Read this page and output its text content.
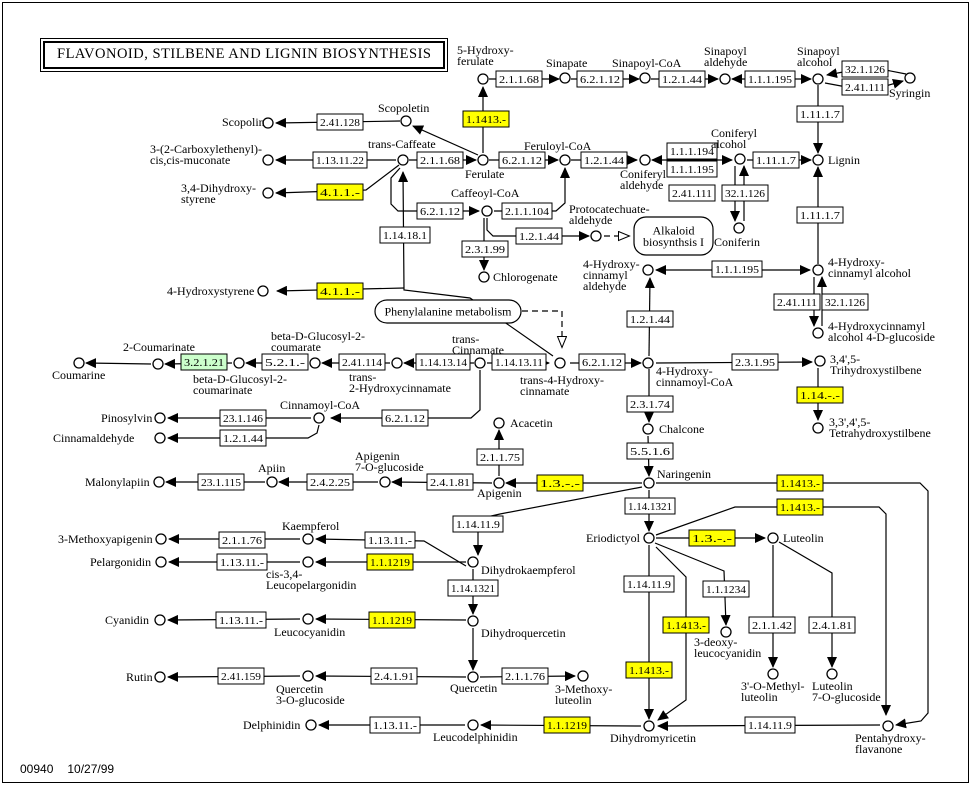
Alkaloid
biosynthsis I
Phenylalanine metabolism
2.1.1.68	6.2.1.12	1.2.1.44	1.1.1.195
32.1.126
2.41.111
1.11.1.7
2.41.128	1.1413.-
1.13.11.22	2.1.1.68	6.2.1.12	1.2.1.44
1.1.1.194
1.1.1.195
1.11.1.7
4.1.1.-	2.41.111 32.1.126
6.2.1.12	2.1.1.104	1.11.1.7
1.14.18.1	1.2.1.44
2.3.1.99
1.1.1.195
4.1.1.-
2.41.111 32.1.126
1.2.1.44
3.2.1.21	5.2.1.-	2.41.114	1.14.13.14	1.14.13.11	6.2.1.12	2.3.1.95
1.14.-.-
23.1.146	6.2.1.12
1.2.1.44
2.3.1.74
5.5.1.6
2.1.1.75
23.1.115	2.4.2.25	2.4.1.81	1.3.-.-	1.1413.-
1.14.1321	1.1413.-
2.1.1.76	1.13.11.-
1.14.11.9
1.13.11.-	1.1.1219
1.3.-.-
1.14.1321	1.14.11.9	1.1.1234
1.1413.-	2.1.1.42 2.4.1.81
1.13.11.-	1.1.1219
1.1413.-
2.41.159	2.4.1.91	2.1.1.76
1.14.11.9
1.13.11.-	1.1.1219
5-Hydroxy-ferulate	Sinapate Sinapoyl-CoA
Sinapoyl aldehyde
Sinapoyl alcohol
Syringin
Scopolin
Scopoletin
3-(2-Carboxylethenyl)-cis,cis-muconate
trans-Caffeate
Ferulate
Feruloyl-CoA
Coniferyl aldehyde
Coniferyl alcohol
Lignin
Coniferin
3,4-Dihydroxy-styrene	Caffeoyl-CoA
Protocatechuate-aldehyde
Chlorogenate
4-Hydroxy-cinnamyl aldehyde
4-Hydroxy-cinnamyl alcohol
4-Hydroxycinnamyl alcohol 4-D-glucoside
4-Hydroxystyrene
Coumarine
2-Coumarinate
beta-D-Glucosyl-2-coumarinate
beta-D-Glucosyl-2-coumarate
trans-2-Hydroxycinnamate
trans-Cinnamate
trans-4-Hydroxy-cinnamate
4-Hydroxy-cinnamoyl-CoA
3,4',5-Trihydroxystilbene
3,3',4',5-Tetrahydroxystilbene
Pinosylvin
Cinnamoyl-CoA
Cinnamaldehyde
Acacetin
Malonylapiin
Apiin
Apigenin 7-O-glucoside
Apigenin
Naringenin
Chalcone
Eriodictyol	Luteolin
3-Methoxyapigenin
Kaempferol
Pelargonidin
cis-3,4-Leucopelargonidin
Dihydrokaempferol
Cyanidin
Leucocyanidin	Dihydroquercetin
3-deoxy-leucocyanidin
Rutin
Quercetin 3-O-glucoside
Quercetin	3-Methoxy-luteolin
3'-O-Methyl-luteolin
Luteolin 7-O-glucoside
Dihydromyricetin	Pentahydroxy-flavanone
Delphinidin
Leucodelphinidin
FLAVONOID, STILBENE AND LIGNIN BIOSYNTHESIS
00940 10/27/99
